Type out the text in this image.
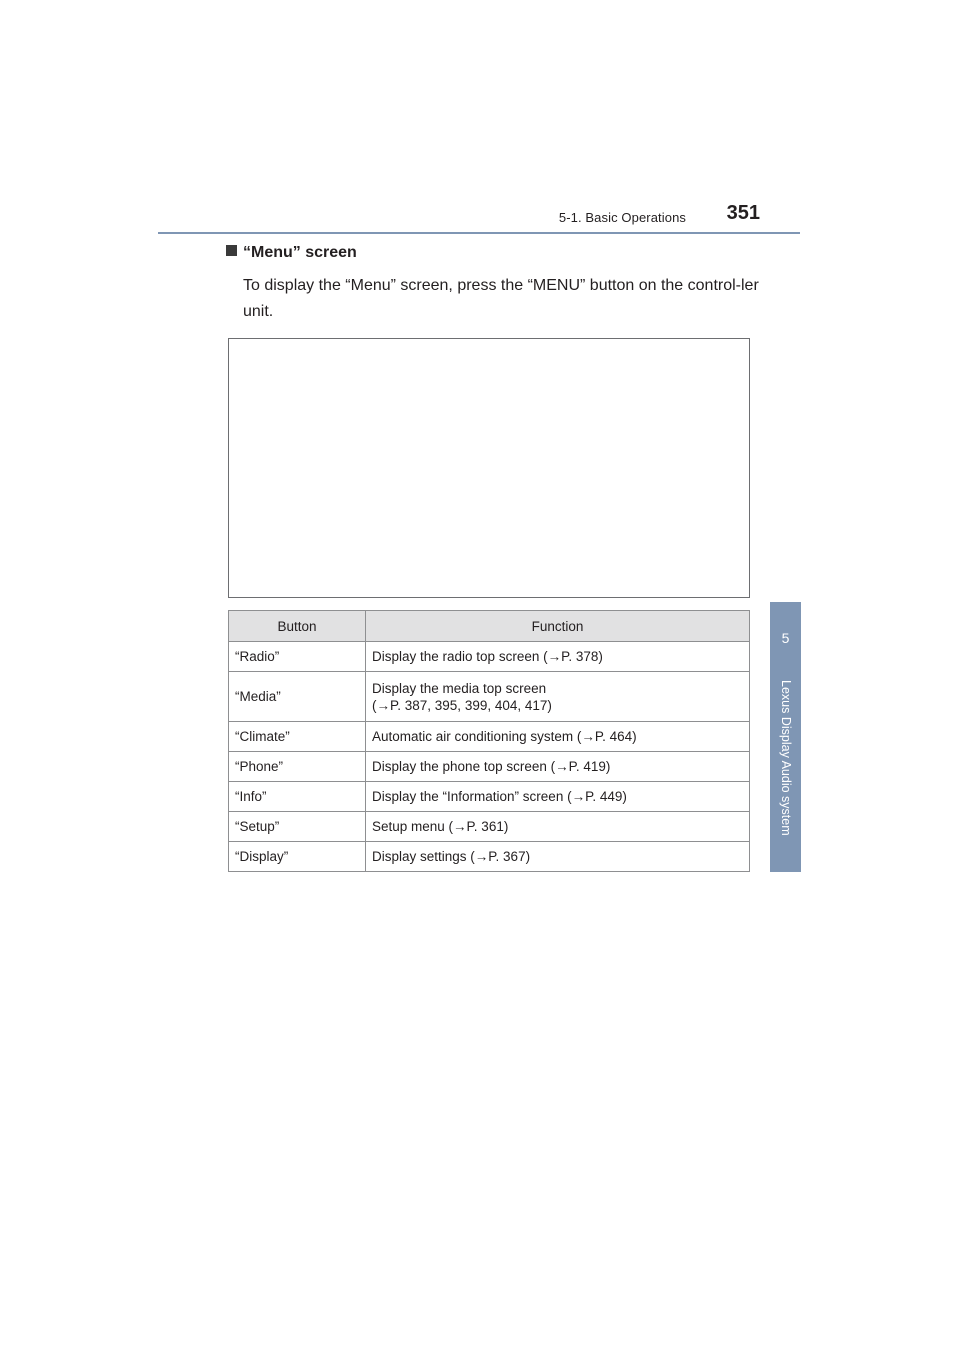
5-1. Basic Operations 351
5
Lexus Display Audio system
“Menu” screen
To display the “Menu” screen, press the “MENU” button on the control-ler unit.
Button	Function
“Radio”	Display the radio top screen (→P. 378)
“Media”	Display the media top screen
(→P. 387, 395, 399, 404, 417)
“Climate”	Automatic air conditioning system (→P. 464)
“Phone”	Display the phone top screen (→P. 419)
“Info”	Display the “Information” screen (→P. 449)
“Setup”	Setup menu (→P. 361)
“Display”	Display settings (→P. 367)
